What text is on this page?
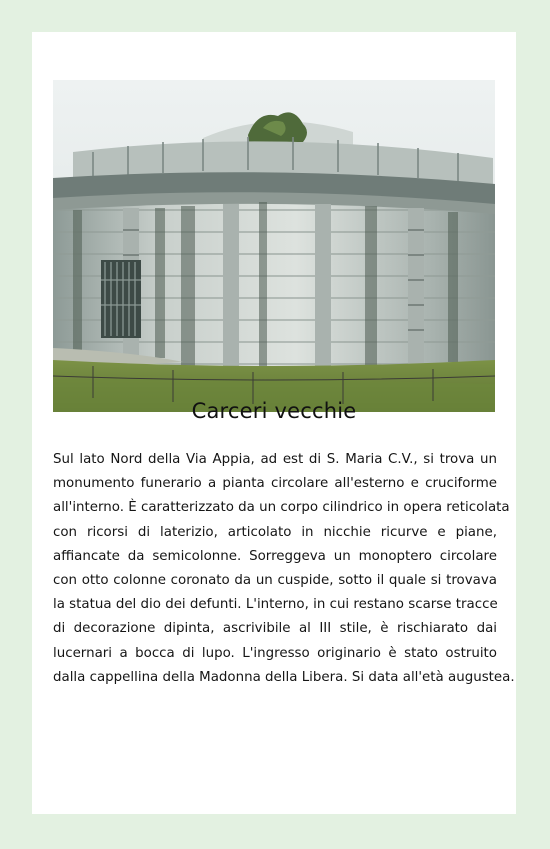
Carceri vecchie
Sul lato Nord della Via Appia, ad est di S. Maria C.V., si trova un
monumento funerario a pianta circolare all'esterno e cruciforme
all'interno. È caratterizzato da un corpo cilindrico in opera reticolata
con ricorsi di laterizio, articolato in nicchie ricurve e piane,
affiancate da semicolonne. Sorreggeva un monoptero circolare
con otto colonne coronato da un cuspide, sotto il quale si trovava
la statua del dio dei defunti. L'interno, in cui restano scarse tracce
di decorazione dipinta, ascrivibile al III stile, è rischiarato dai
lucernari a bocca di lupo. L'ingresso originario è stato ostruito
dalla cappellina della Madonna della Libera. Si data all'età augustea.
